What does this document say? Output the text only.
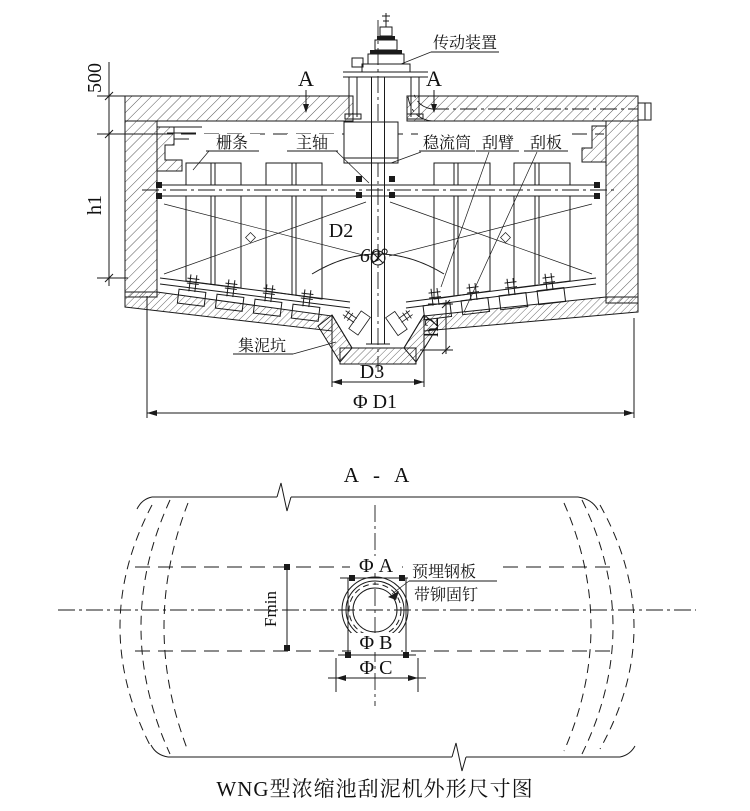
A	A
500
h1
D2
60°
h2
D3
Φ D1
传动装置
栅条	主轴	稳流筒 刮臂 刮板
集泥坑
A - A
Fmin
Φ A
Φ B
Φ C
预埋钢板
带铆固钉
WNG型浓缩池刮泥机外形尺寸图
